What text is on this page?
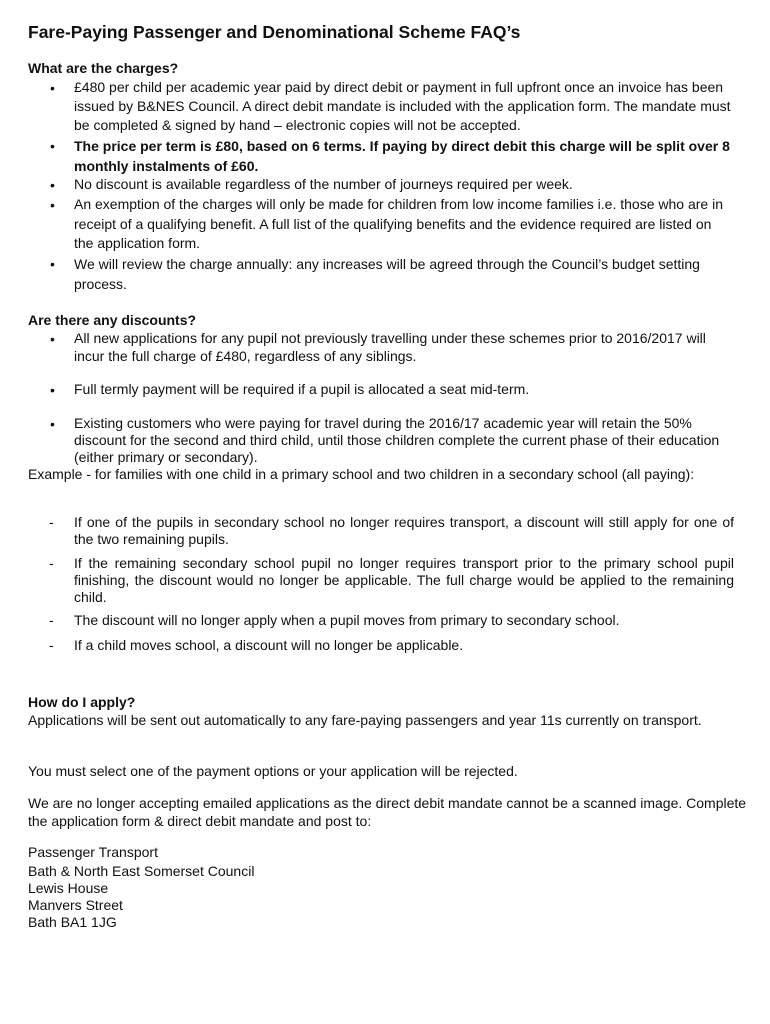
Fare-Paying Passenger and Denominational Scheme FAQ’s
What are the charges?
• £480 per child per academic year paid by direct debit or payment in full upfront once an invoice has been issued by B&NES Council. A direct debit mandate is included with the application form. The mandate must be completed & signed by hand – electronic copies will not be accepted.
• The price per term is £80, based on 6 terms. If paying by direct debit this charge will be split over 8 monthly instalments of £60.
• No discount is available regardless of the number of journeys required per week.
• An exemption of the charges will only be made for children from low income families i.e. those who are in receipt of a qualifying benefit. A full list of the qualifying benefits and the evidence required are listed on the application form.
• We will review the charge annually: any increases will be agreed through the Council’s budget setting process.
Are there any discounts?
• All new applications for any pupil not previously travelling under these schemes prior to 2016/2017 will incur the full charge of £480, regardless of any siblings.
• Full termly payment will be required if a pupil is allocated a seat mid-term.
• Existing customers who were paying for travel during the 2016/17 academic year will retain the 50% discount for the second and third child, until those children complete the current phase of their education (either primary or secondary).
Example - for families with one child in a primary school and two children in a secondary school (all paying):
- If one of the pupils in secondary school no longer requires transport, a discount will still apply for one of the two remaining pupils.
- If the remaining secondary school pupil no longer requires transport prior to the primary school pupil finishing, the discount would no longer be applicable. The full charge would be applied to the remaining child.
- The discount will no longer apply when a pupil moves from primary to secondary school.
- If a child moves school, a discount will no longer be applicable.
How do I apply?
Applications will be sent out automatically to any fare-paying passengers and year 11s currently on transport.
You must select one of the payment options or your application will be rejected.
We are no longer accepting emailed applications as the direct debit mandate cannot be a scanned image. Complete the application form & direct debit mandate and post to:
Passenger Transport
Bath & North East Somerset Council
Lewis House
Manvers Street
Bath BA1 1JG
